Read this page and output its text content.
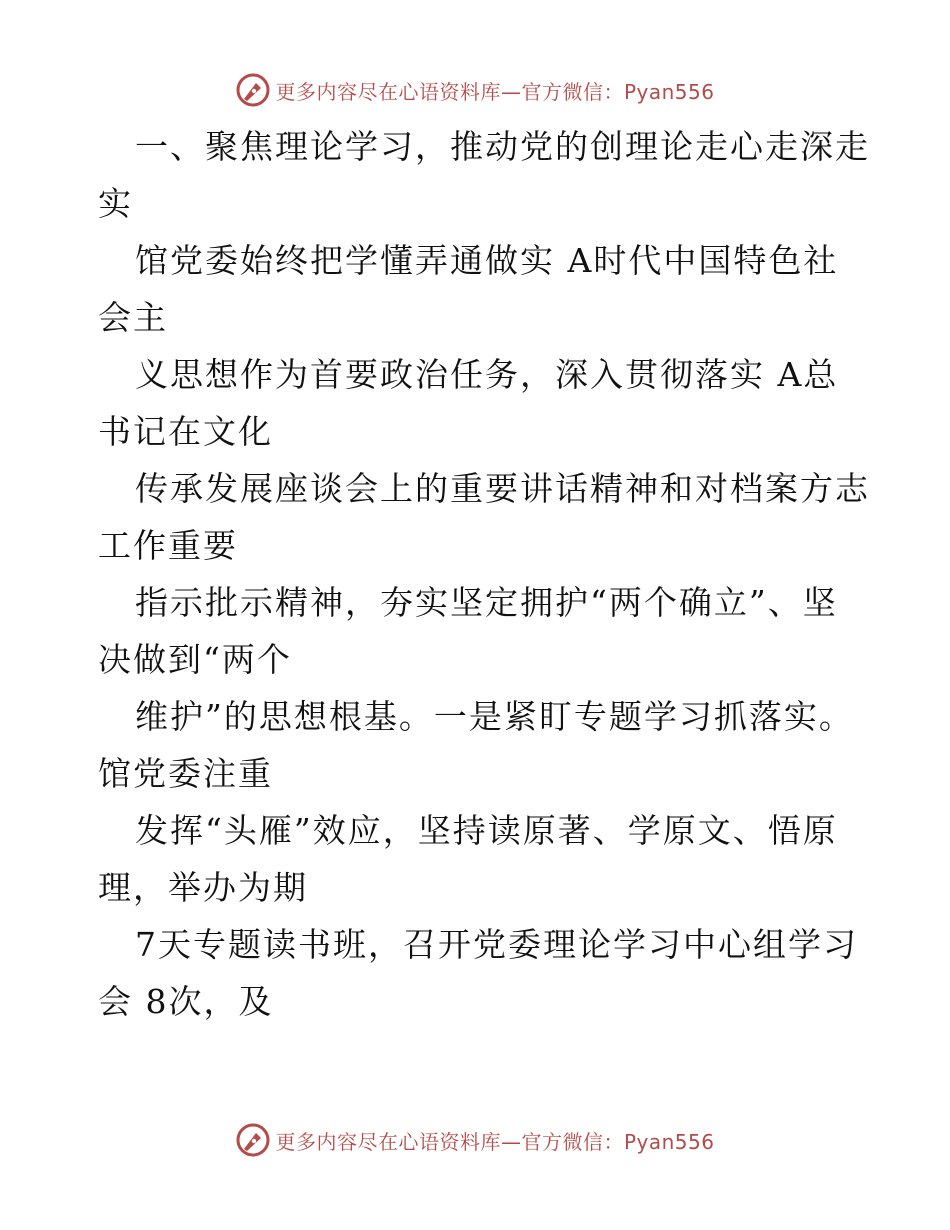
更多内容尽在心语资料库—官方微信：Pyan556
一、聚焦理论学习，推动党的创理论走心走深走
实
馆党委始终把学懂弄通做实 A时代中国特色社
会主
义思想作为首要政治任务，深入贯彻落实 A总
书记在文化
传承发展座谈会上的重要讲话精神和对档案方志
工作重要
指示批示精神，夯实坚定拥护“两个确立”、坚
决做到“两个
维护”的思想根基。一是紧盯专题学习抓落实。
馆党委注重
发挥“头雁”效应，坚持读原著、学原文、悟原
理，举办为期
7天专题读书班，召开党委理论学习中心组学习
会 8次，及
更多内容尽在心语资料库—官方微信：Pyan556
